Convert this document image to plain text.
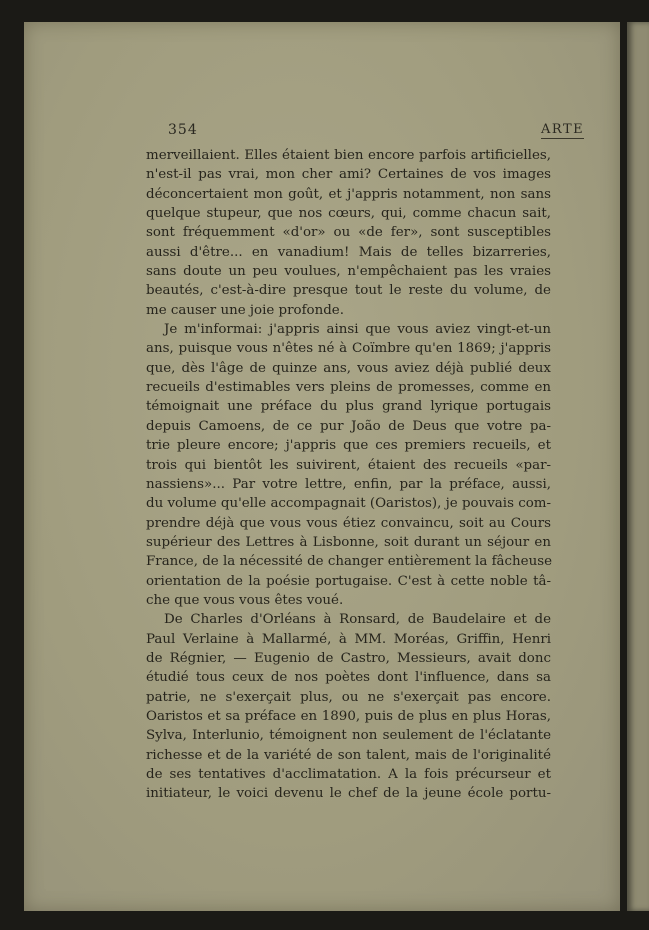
354	ARTE
merveillaient. Elles étaient bien encore parfois artificielles,
n'est-il pas vrai, mon cher ami? Certaines de vos images
déconcertaient mon goût, et j'appris notamment, non sans
quelque stupeur, que nos cœurs, qui, comme chacun sait,
sont fréquemment «d'or» ou «de fer», sont susceptibles
aussi d'être... en vanadium! Mais de telles bizarreries,
sans doute un peu voulues, n'empêchaient pas les vraies
beautés, c'est-à-dire presque tout le reste du volume, de
me causer une joie profonde.
Je m'informai: j'appris ainsi que vous aviez vingt-et-un
ans, puisque vous n'êtes né à Coïmbre qu'en 1869; j'appris
que, dès l'âge de quinze ans, vous aviez déjà publié deux
recueils d'estimables vers pleins de promesses, comme en
témoignait une préface du plus grand lyrique portugais
depuis Camoens, de ce pur João de Deus que votre pa-
trie pleure encore; j'appris que ces premiers recueils, et
trois qui bientôt les suivirent, étaient des recueils «par-
nassiens»... Par votre lettre, enfin, par la préface, aussi,
du volume qu'elle accompagnait (Oaristos), je pouvais com-
prendre déjà que vous vous étiez convaincu, soit au Cours
supérieur des Lettres à Lisbonne, soit durant un séjour en
France, de la nécessité de changer entièrement la fâcheuse
orientation de la poésie portugaise. C'est à cette noble tâ-
che que vous vous êtes voué.
De Charles d'Orléans à Ronsard, de Baudelaire et de
Paul Verlaine à Mallarmé, à MM. Moréas, Griffin, Henri
de Régnier, — Eugenio de Castro, Messieurs, avait donc
étudié tous ceux de nos poètes dont l'influence, dans sa
patrie, ne s'exerçait plus, ou ne s'exerçait pas encore.
Oaristos et sa préface en 1890, puis de plus en plus Horas,
Sylva, Interlunio, témoignent non seulement de l'éclatante
richesse et de la variété de son talent, mais de l'originalité
de ses tentatives d'acclimatation. A la fois précurseur et
initiateur, le voici devenu le chef de la jeune école portu-
